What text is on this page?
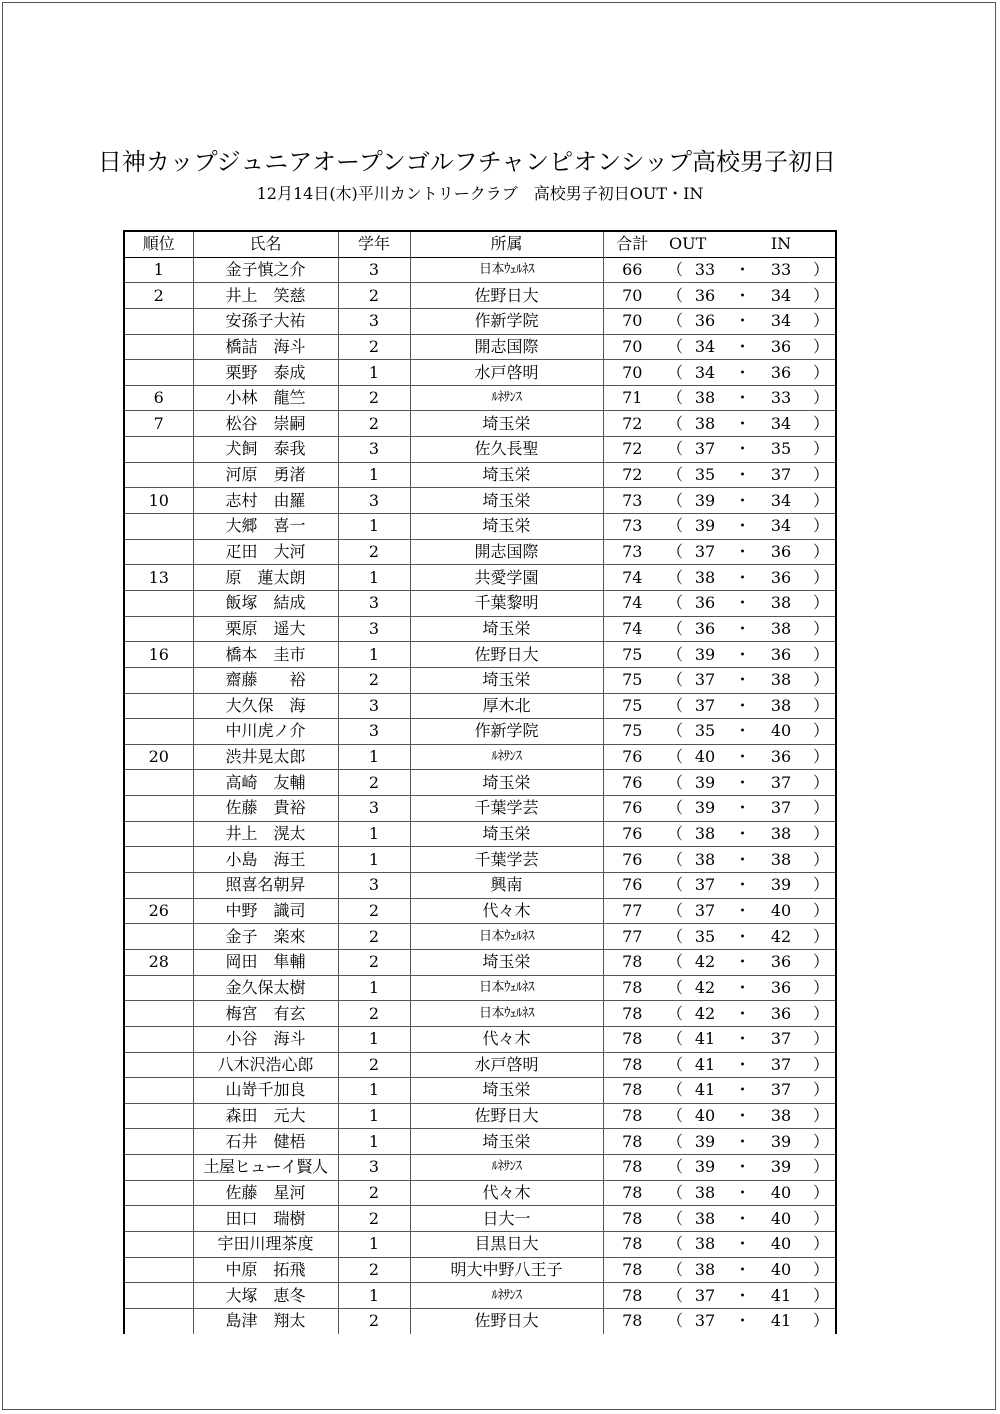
日神カップジュニアオープンゴルフチャンピオンシップ高校男子初日
12月14日(木)平川カントリークラブ　高校男子初日OUT・IN
順位	氏名	学年	所属	合計	OUT			IN	
1	金子慎之介	3	日本ｳｪﾙﾈｽ	66	（	33	・	33	）
2	井上　笑慈	2	佐野日大	70	（	36	・	34	）
	安孫子大祐	3	作新学院	70	（	36	・	34	）
	橋詰　海斗	2	開志国際	70	（	34	・	36	）
	栗野　泰成	1	水戸啓明	70	（	34	・	36	）
6	小林　龍竺	2	ﾙﾈｻﾝｽ	71	（	38	・	33	）
7	松谷　崇嗣	2	埼玉栄	72	（	38	・	34	）
	犬飼　泰我	3	佐久長聖	72	（	37	・	35	）
	河原　勇渚	1	埼玉栄	72	（	35	・	37	）
10	志村　由羅	3	埼玉栄	73	（	39	・	34	）
	大郷　喜一	1	埼玉栄	73	（	39	・	34	）
	疋田　大河	2	開志国際	73	（	37	・	36	）
13	原　蓮太朗	1	共愛学園	74	（	38	・	36	）
	飯塚　結成	3	千葉黎明	74	（	36	・	38	）
	栗原　遥大	3	埼玉栄	74	（	36	・	38	）
16	橋本　圭市	1	佐野日大	75	（	39	・	36	）
	齋藤　　裕	2	埼玉栄	75	（	37	・	38	）
	大久保　海	3	厚木北	75	（	37	・	38	）
	中川虎ノ介	3	作新学院	75	（	35	・	40	）
20	渋井晃太郎	1	ﾙﾈｻﾝｽ	76	（	40	・	36	）
	高崎　友輔	2	埼玉栄	76	（	39	・	37	）
	佐藤　貴裕	3	千葉学芸	76	（	39	・	37	）
	井上　滉太	1	埼玉栄	76	（	38	・	38	）
	小島　海王	1	千葉学芸	76	（	38	・	38	）
	照喜名朝昇	3	興南	76	（	37	・	39	）
26	中野　識司	2	代々木	77	（	37	・	40	）
	金子　楽來	2	日本ｳｪﾙﾈｽ	77	（	35	・	42	）
28	岡田　隼輔	2	埼玉栄	78	（	42	・	36	）
	金久保太樹	1	日本ｳｪﾙﾈｽ	78	（	42	・	36	）
	梅宮　有玄	2	日本ｳｪﾙﾈｽ	78	（	42	・	36	）
	小谷　海斗	1	代々木	78	（	41	・	37	）
	八木沢浩心郎	2	水戸啓明	78	（	41	・	37	）
	山嵜千加良	1	埼玉栄	78	（	41	・	37	）
	森田　元大	1	佐野日大	78	（	40	・	38	）
	石井　健梧	1	埼玉栄	78	（	39	・	39	）
	土屋ヒューイ賢人	3	ﾙﾈｻﾝｽ	78	（	39	・	39	）
	佐藤　星河	2	代々木	78	（	38	・	40	）
	田口　瑞樹	2	日大一	78	（	38	・	40	）
	宇田川理茶度	1	目黒日大	78	（	38	・	40	）
	中原　拓飛	2	明大中野八王子	78	（	38	・	40	）
	大塚　恵冬	1	ﾙﾈｻﾝｽ	78	（	37	・	41	）
	島津　翔太	2	佐野日大	78	（	37	・	41	）
